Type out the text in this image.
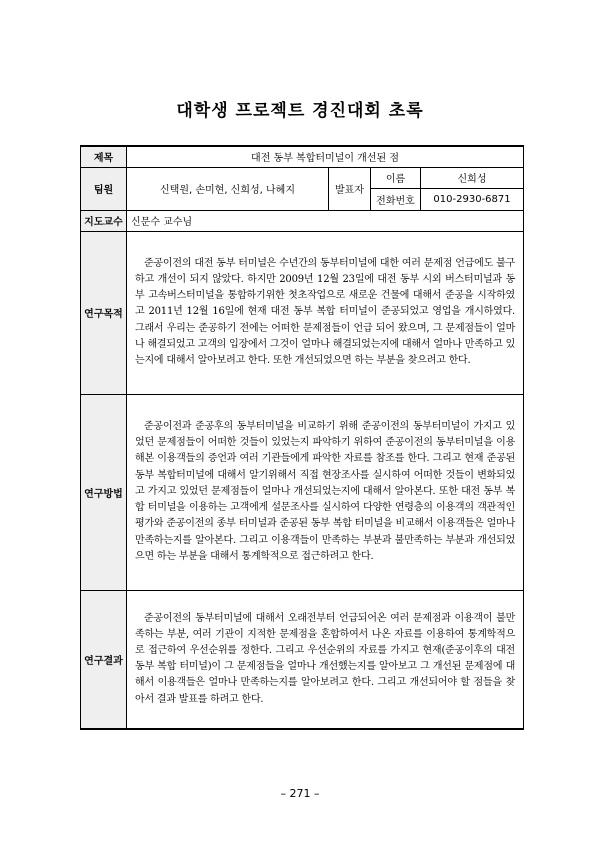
대학생 프로젝트 경진대회 초록
제목	대전 동부 복합터미널이 개선된 점			
팀원	신택원, 손미현, 신희성, 나혜지	발표자	이름	신희성
			전화번호	010-2930-6871
지도교수	신문수 교수님			
연구목적	준공이전의 대전 동부 터미널은 수년간의 동부터미널에 대한 여러 문제점 언급에도 불구하고 개선이 되지 않았다. 하지만 2009년 12월 23일에 대전 동부 시외 버스터미널과 동부 고속버스터미널을 통합하기위한 첫초작업으로 새로운 건물에 대해서 준공을 시작하였고 2011년 12월 16일에 현재 대전 동부 복합 터미널이 준공되었고 영업을 개시하였다. 그래서 우리는 준공하기 전에는 어떠한 문제점들이 언급 되어 왔으며, 그 문제점들이 얼마나 해결되었고 고객의 입장에서 그것이 얼마나 해결되었는지에 대해서 얼마나 만족하고 있는지에 대해서 알아보려고 한다. 또한 개선되었으면 하는 부분을 찾으려고 한다.			
연구방법	준공이전과 준공후의 동부터미널을 비교하기 위해 준공이전의 동부터미널이 가지고 있었던 문제점들이 어떠한 것들이 있었는지 파악하기 위하여 준공이전의 동부터미널을 이용해본 이용객들의 증언과 여러 기관들에게 파악한 자료를 참조를 한다. 그리고 현재 준공된 동부 복합터미널에 대해서 알기위해서 직접 현장조사를 실시하여 어떠한 것들이 변화되었고 가지고 있었던 문제점들이 얼마나 개선되었는지에 대해서 알아본다. 또한 대전 동부 복합 터미널을 이용하는 고객에게 설문조사를 실시하여 다양한 연령층의 이용객의 객관적인 평가와 준공이전의 종부 터미널과 준공된 동부 복합 터미널을 비교해서 이용객들은 얼마나 만족하는지를 알아본다. 그리고 이용객들이 만족하는 부분과 불만족하는 부분과 개선되었으면 하는 부분을 대해서 통계학적으로 접근하려고 한다.			
연구결과	준공이전의 동부터미널에 대해서 오래전부터 언급되어온 여러 문제점과 이용객이 불만족하는 부분, 여러 기관이 지적한 문제점을 혼합하여서 나온 자료를 이용하여 통계학적으로 접근하여 우선순위를 정한다. 그리고 우선순위의 자료를 가지고 현재(준공이후의 대전 동부 복합 터미널)이 그 문제점들을 얼마나 개선했는지를 알아보고 그 개선된 문제점에 대해서 이용객들은 얼마나 만족하는지를 알아보려고 한다. 그리고 개선되어야 할 점들을 찾아서 결과 발표를 하려고 한다.			
– 271 –
